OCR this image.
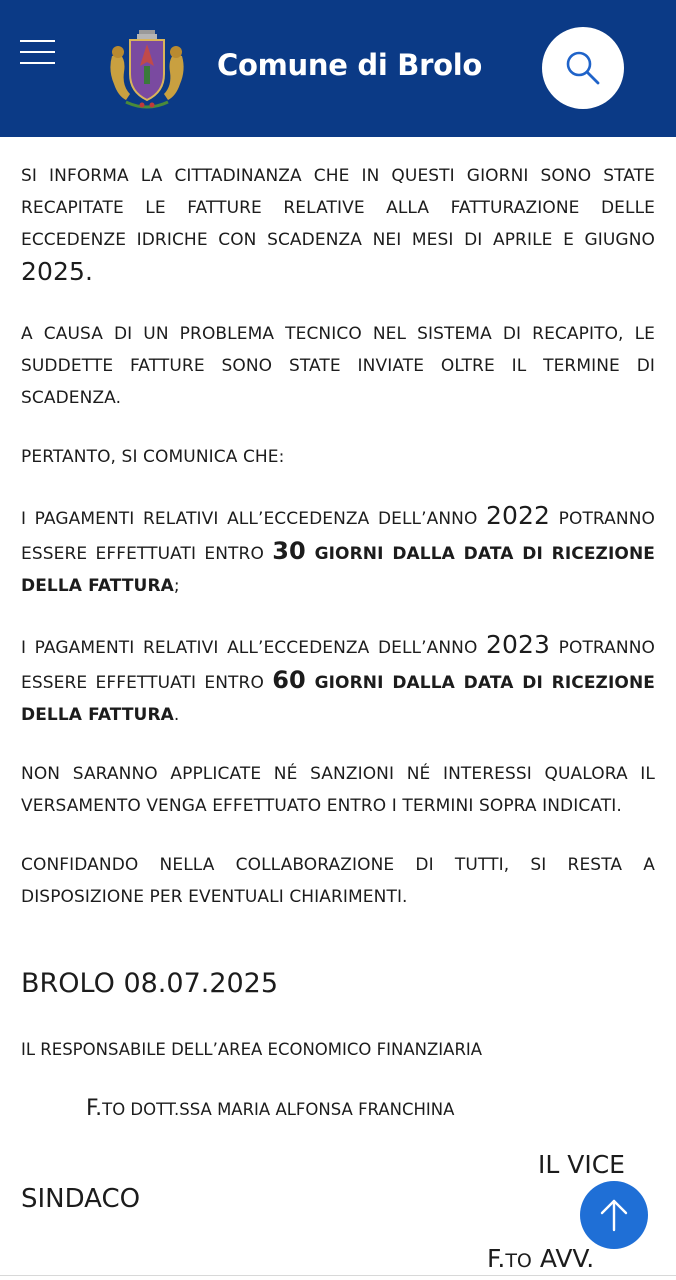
Comune di Brolo

SI INFORMA LA CITTADINANZA CHE IN QUESTI GIORNI SONO STATE RECAPITATE LE FATTURE RELATIVE ALLA FATTURAZIONE DELLE ECCEDENZE IDRICHE CON SCADENZA NEI MESI DI APRILE E GIUGNO 2025.

A CAUSA DI UN PROBLEMA TECNICO NEL SISTEMA DI RECAPITO, LE SUDDETTE FATTURE SONO STATE INVIATE OLTRE IL TERMINE DI SCADENZA.

PERTANTO, SI COMUNICA CHE:

I PAGAMENTI RELATIVI ALL’ECCEDENZA DELL’ANNO 2022 POTRANNO ESSERE EFFETTUATI ENTRO 30 GIORNI DALLA DATA DI RICEZIONE DELLA FATTURA;

I PAGAMENTI RELATIVI ALL’ECCEDENZA DELL’ANNO 2023 POTRANNO ESSERE EFFETTUATI ENTRO 60 GIORNI DALLA DATA DI RICEZIONE DELLA FATTURA.

NON SARANNO APPLICATE NÉ SANZIONI NÉ INTERESSI QUALORA IL VERSAMENTO VENGA EFFETTUATO ENTRO I TERMINI SOPRA INDICATI.

CONFIDANDO NELLA COLLABORAZIONE DI TUTTI, SI RESTA A DISPOSIZIONE PER EVENTUALI CHIARIMENTI.

BROLO 08.07.2025
IL RESPONSABILE DELL’AREA ECONOMICO FINANZIARIA
F.TO DOTT.SSA MARIA ALFONSA FRANCHINA
IL VICE
SINDACO
F.TO AVV.
